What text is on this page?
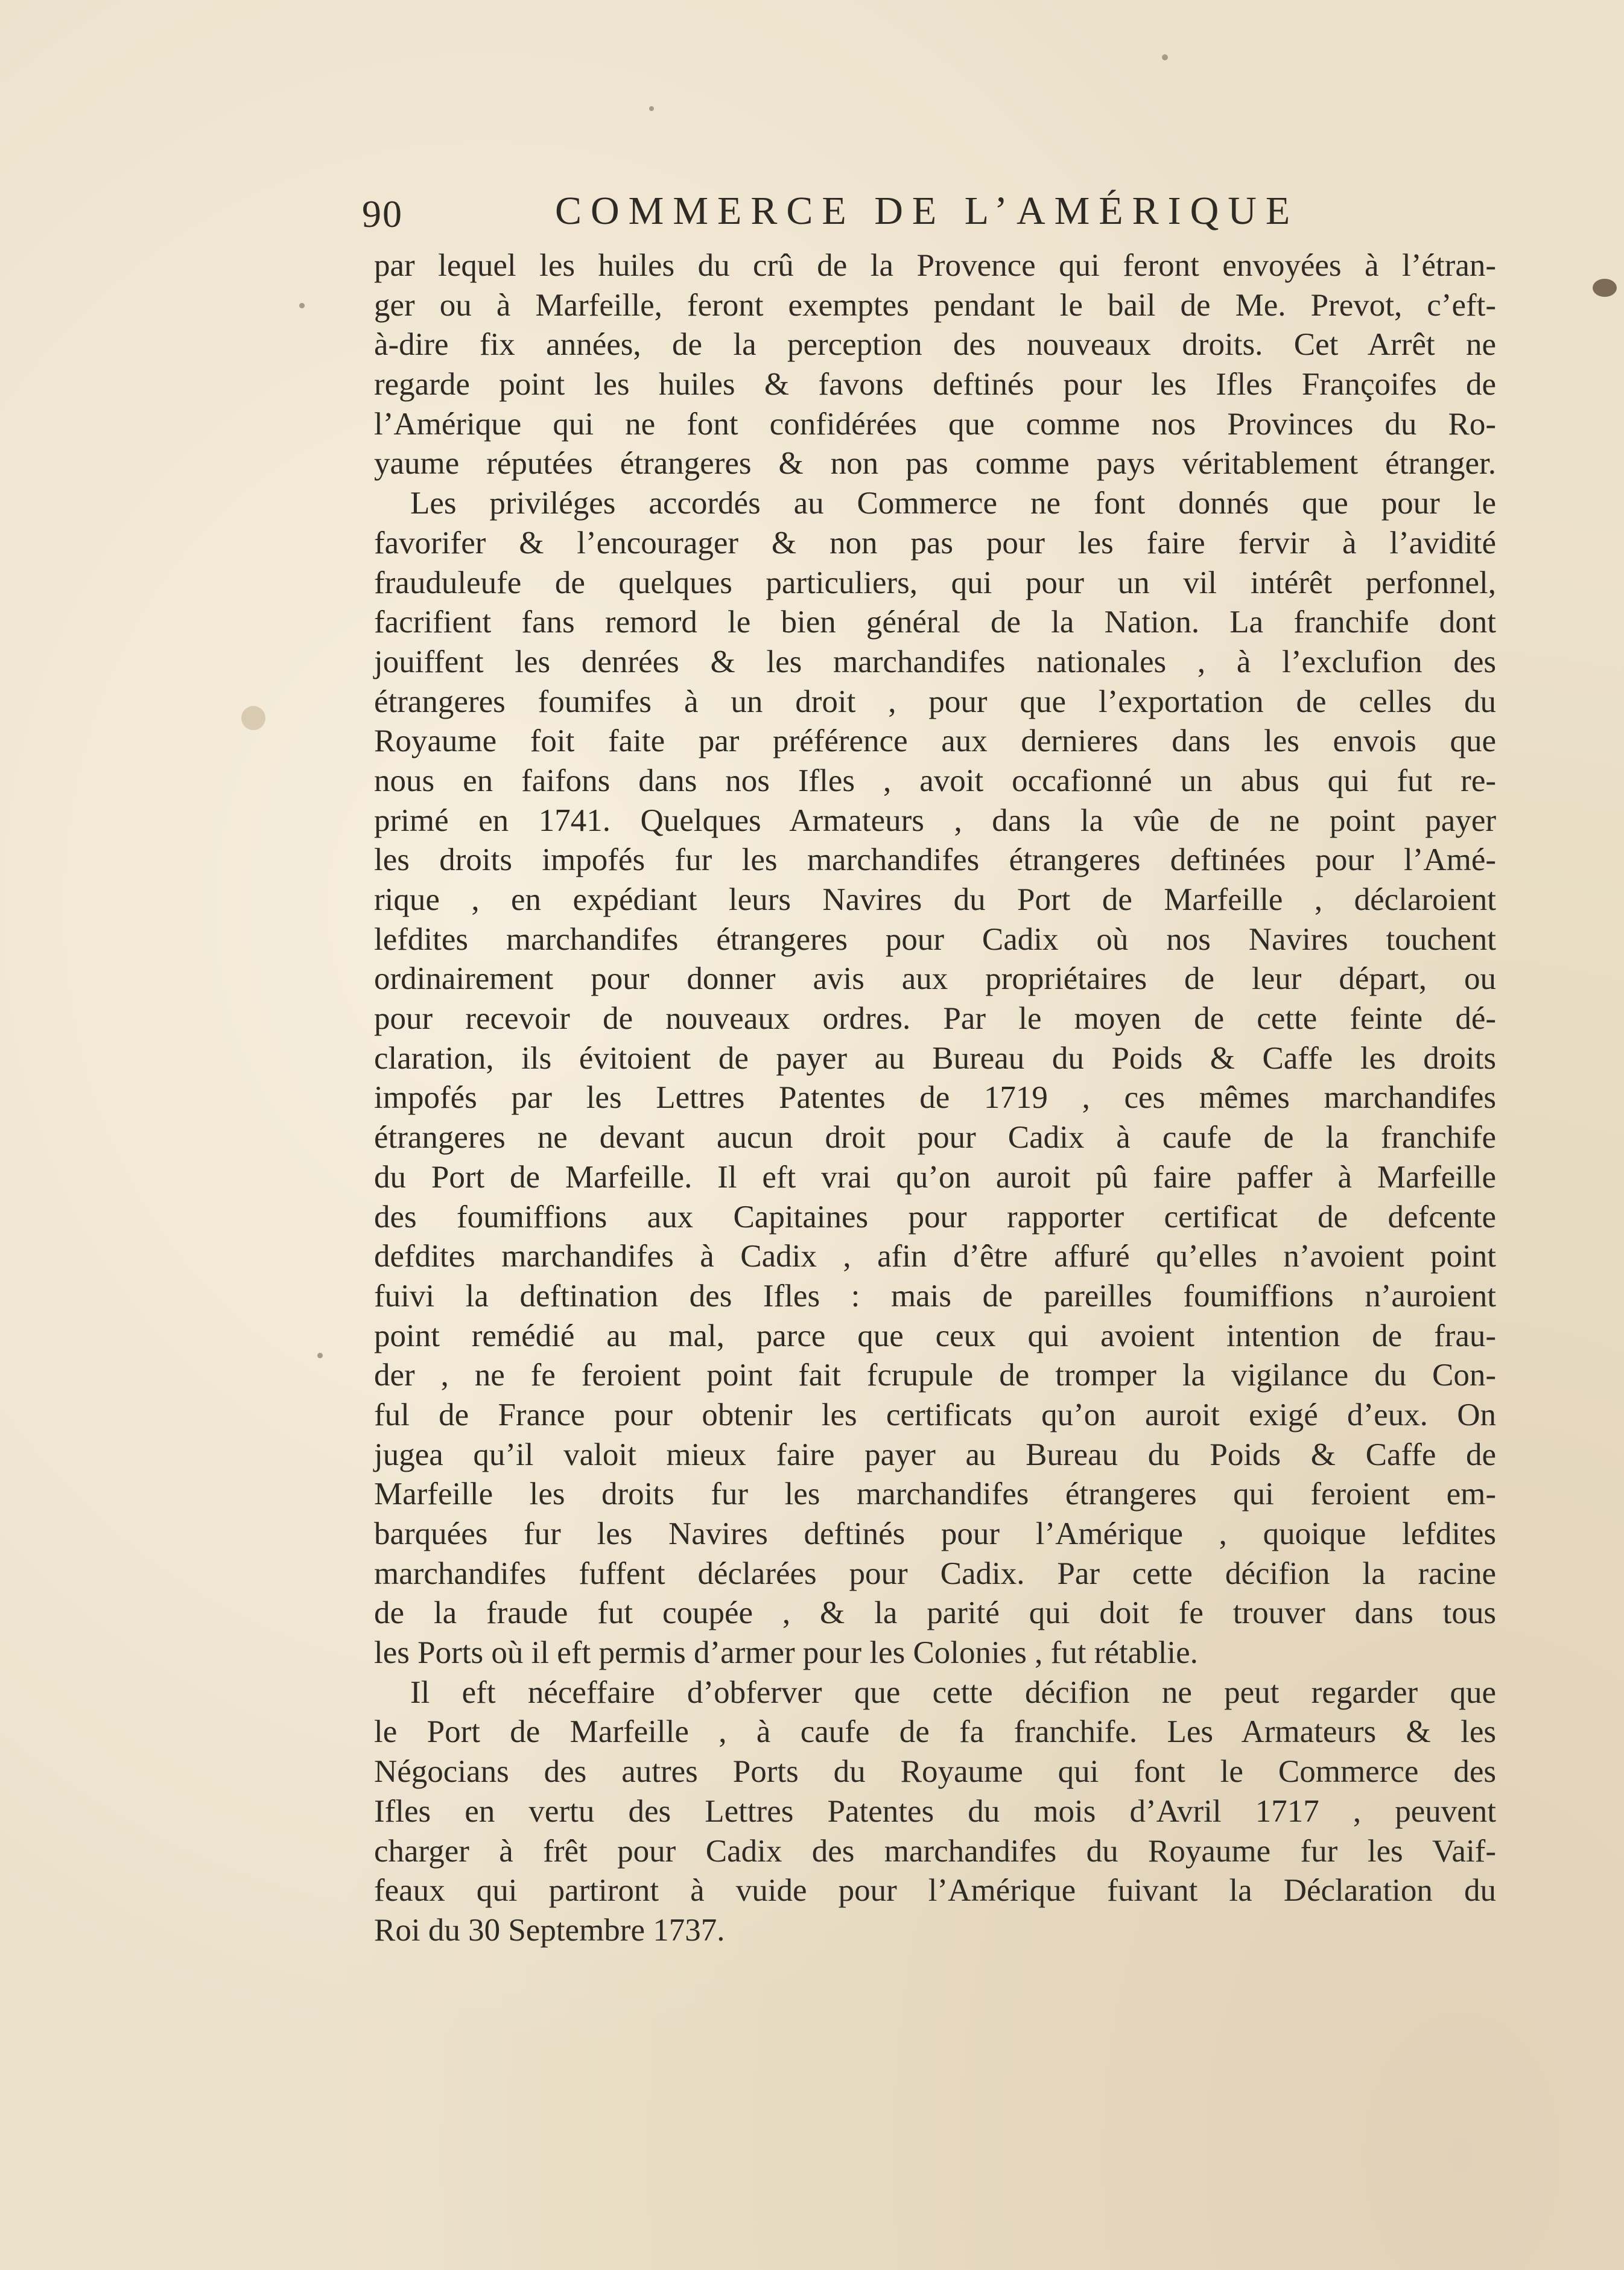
90	COMMERCE DE L’AMÉRIQUE
par lequel les huiles du crû de la Provence qui feront envoyées à l’étran-
ger ou à Marfeille, feront exemptes pendant le bail de Me. Prevot, c’eft-
à-dire fix années, de la perception des nouveaux droits. Cet Arrêt ne
regarde point les huiles & favons deftinés pour les Ifles Françoifes de
l’Amérique qui ne font confidérées que comme nos Provinces du Ro-
yaume réputées étrangeres & non pas comme pays véritablement étranger.
Les priviléges accordés au Commerce ne font donnés que pour le
favorifer & l’encourager & non pas pour les faire fervir à l’avidité
frauduleufe de quelques particuliers, qui pour un vil intérêt perfonnel,
facrifient fans remord le bien général de la Nation. La franchife dont
jouiffent les denrées & les marchandifes nationales , à l’exclufion des
étrangeres foumifes à un droit , pour que l’exportation de celles du
Royaume foit faite par préférence aux dernieres dans les envois que
nous en faifons dans nos Ifles , avoit occafionné un abus qui fut re-
primé en 1741. Quelques Armateurs , dans la vûe de ne point payer
les droits impofés fur les marchandifes étrangeres deftinées pour l’Amé-
rique , en expédiant leurs Navires du Port de Marfeille , déclaroient
lefdites marchandifes étrangeres pour Cadix où nos Navires touchent
ordinairement pour donner avis aux propriétaires de leur départ, ou
pour recevoir de nouveaux ordres. Par le moyen de cette feinte dé-
claration, ils évitoient de payer au Bureau du Poids & Caffe les droits
impofés par les Lettres Patentes de 1719 , ces mêmes marchandifes
étrangeres ne devant aucun droit pour Cadix à caufe de la franchife
du Port de Marfeille. Il eft vrai qu’on auroit pû faire paffer à Marfeille
des foumiffions aux Capitaines pour rapporter certificat de defcente
defdites marchandifes à Cadix , afin d’être affuré qu’elles n’avoient point
fuivi la deftination des Ifles : mais de pareilles foumiffions n’auroient
point remédié au mal, parce que ceux qui avoient intention de frau-
der , ne fe feroient point fait fcrupule de tromper la vigilance du Con-
ful de France pour obtenir les certificats qu’on auroit exigé d’eux. On
jugea qu’il valoit mieux faire payer au Bureau du Poids & Caffe de
Marfeille les droits fur les marchandifes étrangeres qui feroient em-
barquées fur les Navires deftinés pour l’Amérique , quoique lefdites
marchandifes fuffent déclarées pour Cadix. Par cette décifion la racine
de la fraude fut coupée , & la parité qui doit fe trouver dans tous
les Ports où il eft permis d’armer pour les Colonies , fut rétablie.
Il eft néceffaire d’obferver que cette décifion ne peut regarder que
le Port de Marfeille , à caufe de fa franchife. Les Armateurs & les
Négocians des autres Ports du Royaume qui font le Commerce des
Ifles en vertu des Lettres Patentes du mois d’Avril 1717 , peuvent
charger à frêt pour Cadix des marchandifes du Royaume fur les Vaif-
feaux qui partiront à vuide pour l’Amérique fuivant la Déclaration du
Roi du 30 Septembre 1737.
